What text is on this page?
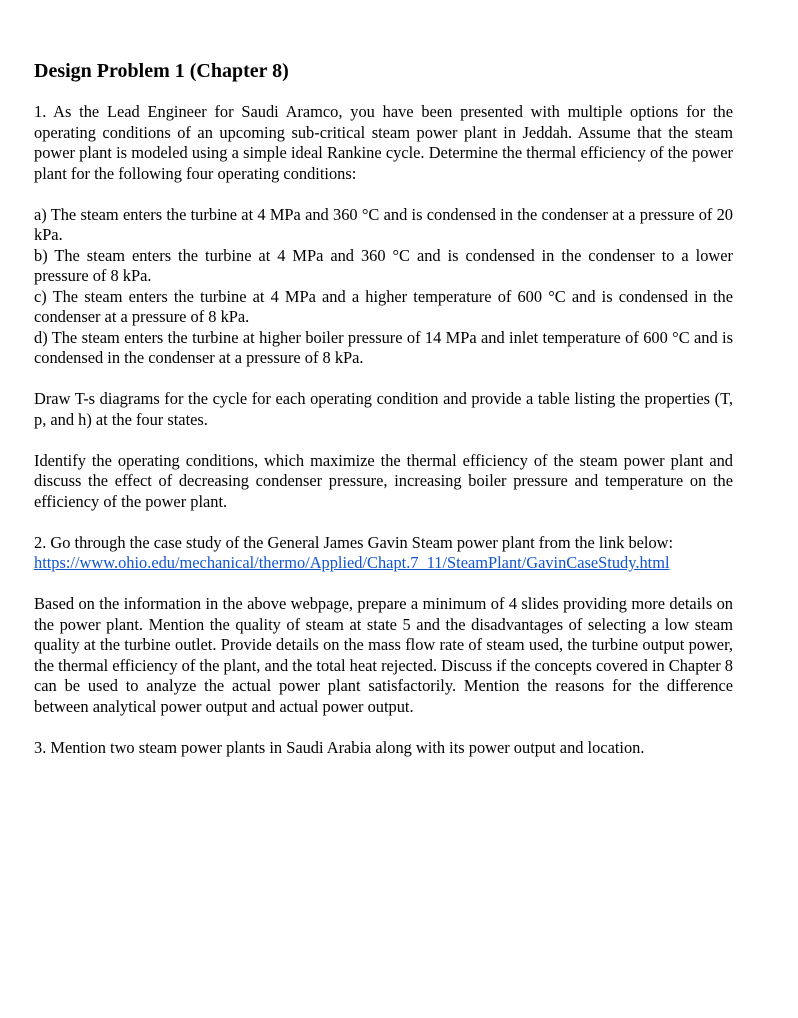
Design Problem 1 (Chapter 8)

1. As the Lead Engineer for Saudi Aramco, you have been presented with multiple options for the operating conditions of an upcoming sub-critical steam power plant in Jeddah. Assume that the steam power plant is modeled using a simple ideal Rankine cycle. Determine the thermal efficiency of the power plant for the following four operating conditions:

a) The steam enters the turbine at 4 MPa and 360 °C and is condensed in the condenser at a pressure of 20 kPa.

b) The steam enters the turbine at 4 MPa and 360 °C and is condensed in the condenser to a lower pressure of 8 kPa.

c) The steam enters the turbine at 4 MPa and a higher temperature of 600 °C and is condensed in the condenser at a pressure of 8 kPa.

d) The steam enters the turbine at higher boiler pressure of 14 MPa and inlet temperature of 600 °C and is condensed in the condenser at a pressure of 8 kPa.

Draw T-s diagrams for the cycle for each operating condition and provide a table listing the properties (T, p, and h) at the four states.

Identify the operating conditions, which maximize the thermal efficiency of the steam power plant and discuss the effect of decreasing condenser pressure, increasing boiler pressure and temperature on the efficiency of the power plant.

2. Go through the case study of the General James Gavin Steam power plant from the link below:

https://www.ohio.edu/mechanical/thermo/Applied/Chapt.7_11/SteamPlant/GavinCaseStudy.html

Based on the information in the above webpage, prepare a minimum of 4 slides providing more details on the power plant. Mention the quality of steam at state 5 and the disadvantages of selecting a low steam quality at the turbine outlet. Provide details on the mass flow rate of steam used, the turbine output power, the thermal efficiency of the plant, and the total heat rejected. Discuss if the concepts covered in Chapter 8 can be used to analyze the actual power plant satisfactorily. Mention the reasons for the difference between analytical power output and actual power output.

3. Mention two steam power plants in Saudi Arabia along with its power output and location.
